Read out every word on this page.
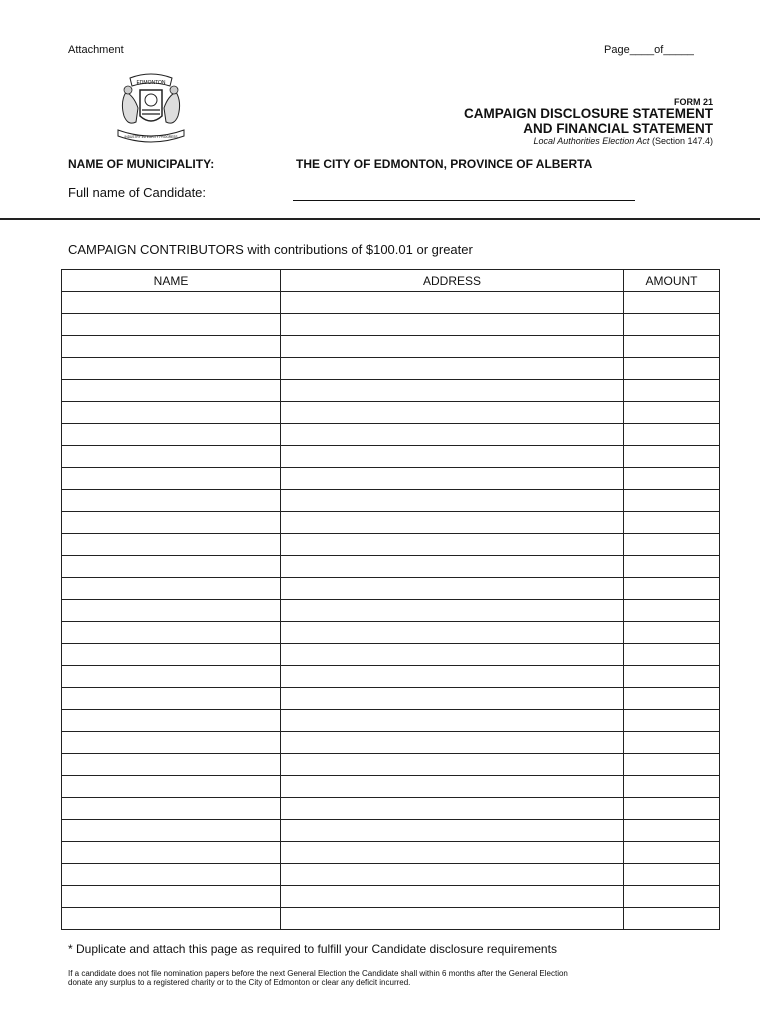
Attachment	Page____of_____
EDMONTON
INDUSTRY INTEGRITY PROGRESS
FORM 21
CAMPAIGN DISCLOSURE STATEMENT
AND FINANCIAL STATEMENT
Local Authorities Election Act (Section 147.4)
NAME OF MUNICIPALITY:	THE CITY OF EDMONTON, PROVINCE OF ALBERTA
Full name of Candidate:
CAMPAIGN CONTRIBUTORS with contributions of $100.01 or greater
NAME	ADDRESS	AMOUNT

* Duplicate and attach this page as required to fulfill your Candidate disclosure requirements
If a candidate does not file nomination papers before the next General Election the Candidate shall within 6 months after the General Election
donate any surplus to a registered charity or to the City of Edmonton or clear any deficit incurred.
